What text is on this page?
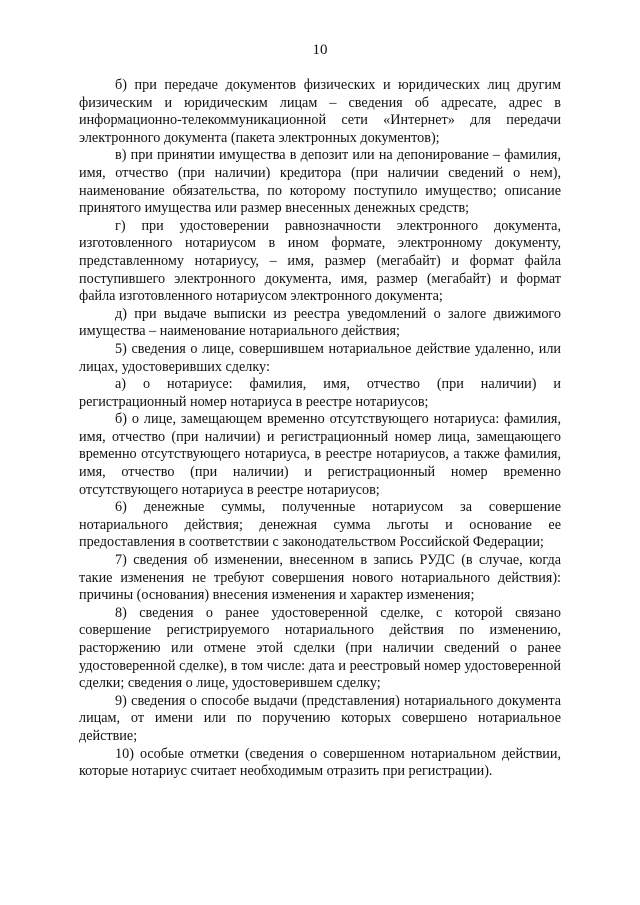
10

б) при передаче документов физических и юридических лиц другим физическим и юридическим лицам – сведения об адресате, адрес в информационно-телекоммуникационной сети «Интернет» для передачи электронного документа (пакета электронных документов);

в) при принятии имущества в депозит или на депонирование – фамилия, имя, отчество (при наличии) кредитора (при наличии сведений о нем), наименование обязательства, по которому поступило имущество; описание принятого имущества или размер внесенных денежных средств;

г) при удостоверении равнозначности электронного документа, изготовленного нотариусом в ином формате, электронному документу, представленному нотариусу, – имя, размер (мегабайт) и формат файла поступившего электронного документа, имя, размер (мегабайт) и формат файла изготовленного нотариусом электронного документа;

д) при выдаче выписки из реестра уведомлений о залоге движимого имущества – наименование нотариального действия;

5) сведения о лице, совершившем нотариальное действие удаленно, или лицах, удостоверивших сделку:

а) о нотариусе: фамилия, имя, отчество (при наличии) и регистрационный номер нотариуса в реестре нотариусов;

б) о лице, замещающем временно отсутствующего нотариуса: фамилия, имя, отчество (при наличии) и регистрационный номер лица, замещающего временно отсутствующего нотариуса, в реестре нотариусов, а также фамилия, имя, отчество (при наличии) и регистрационный номер временно отсутствующего нотариуса в реестре нотариусов;

6) денежные суммы, полученные нотариусом за совершение нотариального действия; денежная сумма льготы и основание ее предоставления в соответствии с законодательством Российской Федерации;

7) сведения об изменении, внесенном в запись РУДС (в случае, когда такие изменения не требуют совершения нового нотариального действия): причины (основания) внесения изменения и характер изменения;

8) сведения о ранее удостоверенной сделке, с которой связано совершение регистрируемого нотариального действия по изменению, расторжению или отмене этой сделки (при наличии сведений о ранее удостоверенной сделке), в том числе: дата и реестровый номер удостоверенной сделки; сведения о лице, удостоверившем сделку;

9) сведения о способе выдачи (представления) нотариального документа лицам, от имени или по поручению которых совершено нотариальное действие;

10) особые отметки (сведения о совершенном нотариальном действии, которые нотариус считает необходимым отразить при регистрации).
